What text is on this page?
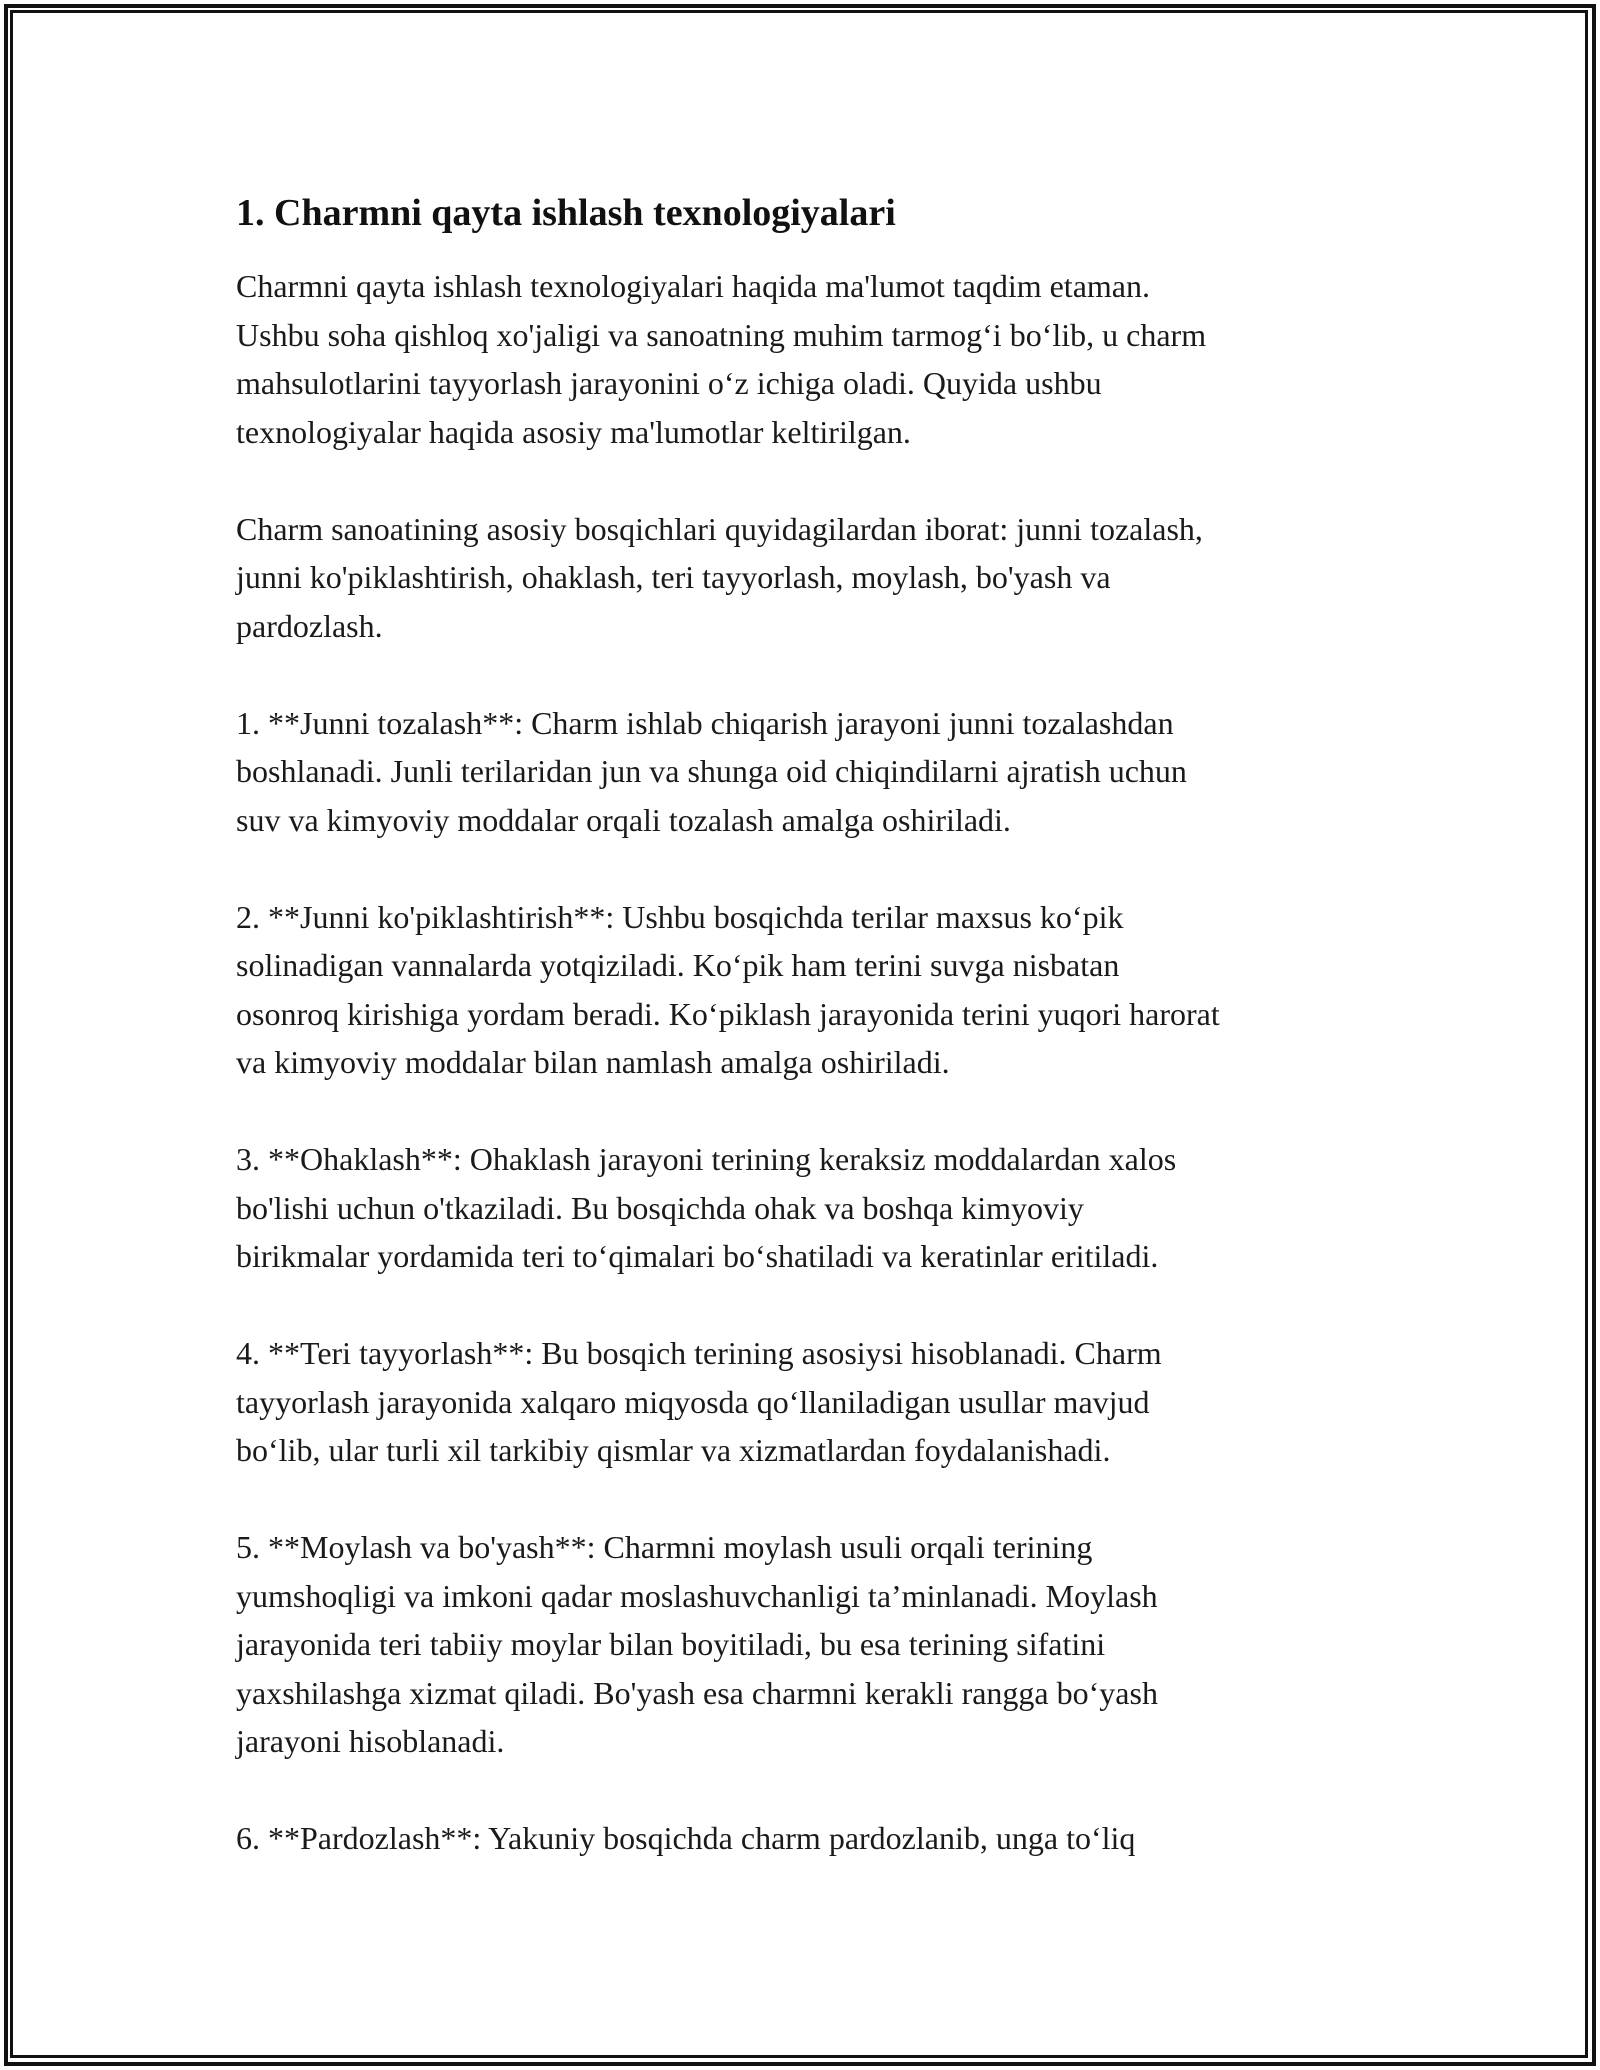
1. Charmni qayta ishlash texnologiyalari

Charmni qayta ishlash texnologiyalari haqida ma'lumot taqdim etaman.
Ushbu soha qishloq xo'jaligi va sanoatning muhim tarmog‘i bo‘lib, u charm
mahsulotlarini tayyorlash jarayonini o‘z ichiga oladi. Quyida ushbu
texnologiyalar haqida asosiy ma'lumotlar keltirilgan.

Charm sanoatining asosiy bosqichlari quyidagilardan iborat: junni tozalash,
junni ko'piklashtirish, ohaklash, teri tayyorlash, moylash, bo'yash va
pardozlash.

1. **Junni tozalash**: Charm ishlab chiqarish jarayoni junni tozalashdan
boshlanadi. Junli terilaridan jun va shunga oid chiqindilarni ajratish uchun
suv va kimyoviy moddalar orqali tozalash amalga oshiriladi.

2. **Junni ko'piklashtirish**: Ushbu bosqichda terilar maxsus ko‘pik
solinadigan vannalarda yotqiziladi. Ko‘pik ham terini suvga nisbatan
osonroq kirishiga yordam beradi. Ko‘piklash jarayonida terini yuqori harorat
va kimyoviy moddalar bilan namlash amalga oshiriladi.

3. **Ohaklash**: Ohaklash jarayoni terining keraksiz moddalardan xalos
bo'lishi uchun o'tkaziladi. Bu bosqichda ohak va boshqa kimyoviy
birikmalar yordamida teri to‘qimalari bo‘shatiladi va keratinlar eritiladi.

4. **Teri tayyorlash**: Bu bosqich terining asosiysi hisoblanadi. Charm
tayyorlash jarayonida xalqaro miqyosda qo‘llaniladigan usullar mavjud
bo‘lib, ular turli xil tarkibiy qismlar va xizmatlardan foydalanishadi.

5. **Moylash va bo'yash**: Charmni moylash usuli orqali terining
yumshoqligi va imkoni qadar moslashuvchanligi ta’minlanadi. Moylash
jarayonida teri tabiiy moylar bilan boyitiladi, bu esa terining sifatini
yaxshilashga xizmat qiladi. Bo'yash esa charmni kerakli rangga bo‘yash
jarayoni hisoblanadi.

6. **Pardozlash**: Yakuniy bosqichda charm pardozlanib, unga to‘liq
